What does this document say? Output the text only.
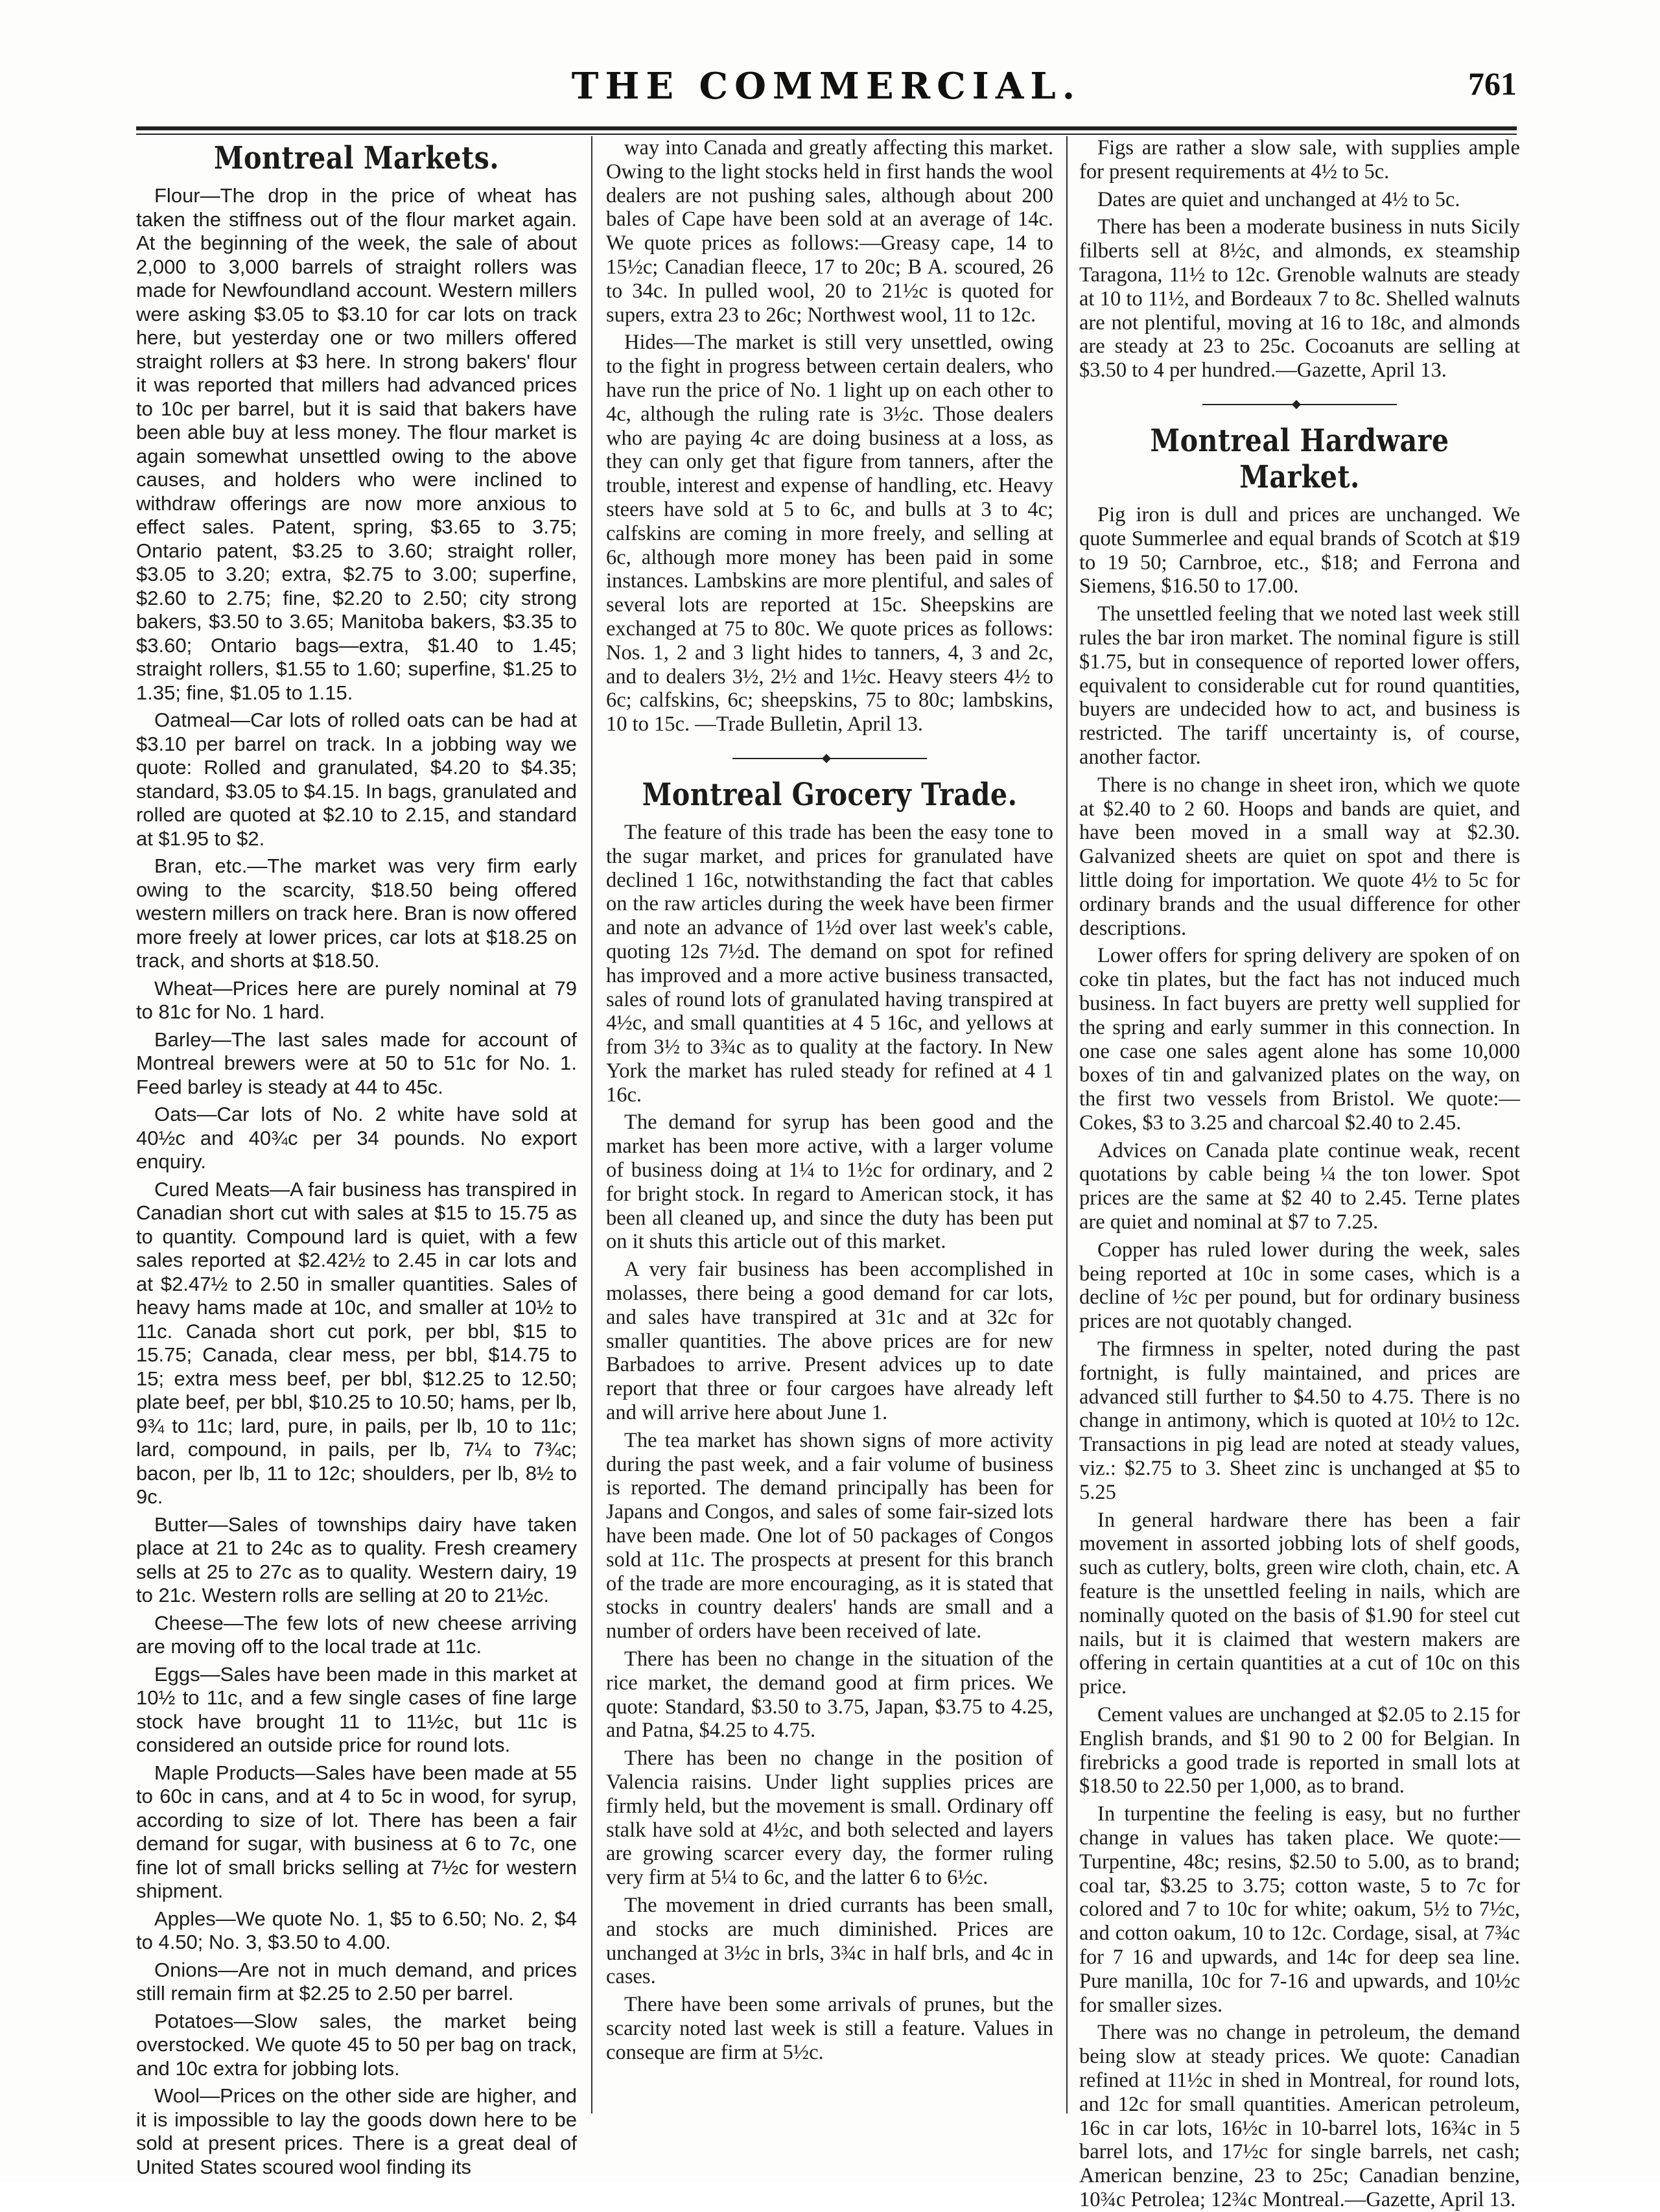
THE COMMERCIAL.	761
Montreal Markets.

Flour—The drop in the price of wheat has taken the stiffness out of the flour market again. At the beginning of the week, the sale of about 2,000 to 3,000 barrels of straight rollers was made for Newfoundland account. Western millers were asking $3.05 to $3.10 for car lots on track here, but yesterday one or two millers offered straight rollers at $3 here. In strong bakers' flour it was reported that millers had advanced prices to 10c per barrel, but it is said that bakers have been able buy at less money. The flour market is again somewhat unsettled owing to the above causes, and holders who were inclined to withdraw offerings are now more anxious to effect sales. Patent, spring, $3.65 to 3.75; Ontario patent, $3.25 to 3.60; straight roller, $3.05 to 3.20; extra, $2.75 to 3.00; superfine, $2.60 to 2.75; fine, $2.20 to 2.50; city strong bakers, $3.50 to 3.65; Manitoba bakers, $3.35 to $3.60; Ontario bags—extra, $1.40 to 1.45; straight rollers, $1.55 to 1.60; superfine, $1.25 to 1.35; fine, $1.05 to 1.15.

Oatmeal—Car lots of rolled oats can be had at $3.10 per barrel on track. In a jobbing way we quote: Rolled and granulated, $4.20 to $4.35; standard, $3.05 to $4.15. In bags, granulated and rolled are quoted at $2.10 to 2.15, and standard at $1.95 to $2.

Bran, etc.—The market was very firm early owing to the scarcity, $18.50 being offered western millers on track here. Bran is now offered more freely at lower prices, car lots at $18.25 on track, and shorts at $18.50.

Wheat—Prices here are purely nominal at 79 to 81c for No. 1 hard.

Barley—The last sales made for account of Montreal brewers were at 50 to 51c for No. 1. Feed barley is steady at 44 to 45c.

Oats—Car lots of No. 2 white have sold at 40½c and 40¾c per 34 pounds. No export enquiry.

Cured Meats—A fair business has transpired in Canadian short cut with sales at $15 to 15.75 as to quantity. Compound lard is quiet, with a few sales reported at $2.42½ to 2.45 in car lots and at $2.47½ to 2.50 in smaller quantities. Sales of heavy hams made at 10c, and smaller at 10½ to 11c. Canada short cut pork, per bbl, $15 to 15.75; Canada, clear mess, per bbl, $14.75 to 15; extra mess beef, per bbl, $12.25 to 12.50; plate beef, per bbl, $10.25 to 10.50; hams, per lb, 9¾ to 11c; lard, pure, in pails, per lb, 10 to 11c; lard, compound, in pails, per lb, 7¼ to 7¾c; bacon, per lb, 11 to 12c; shoulders, per lb, 8½ to 9c.

Butter—Sales of townships dairy have taken place at 21 to 24c as to quality. Fresh creamery sells at 25 to 27c as to quality. Western dairy, 19 to 21c. Western rolls are selling at 20 to 21½c.

Cheese—The few lots of new cheese arriving are moving off to the local trade at 11c.

Eggs—Sales have been made in this market at 10½ to 11c, and a few single cases of fine large stock have brought 11 to 11½c, but 11c is considered an outside price for round lots.

Maple Products—Sales have been made at 55 to 60c in cans, and at 4 to 5c in wood, for syrup, according to size of lot. There has been a fair demand for sugar, with business at 6 to 7c, one fine lot of small bricks selling at 7½c for western shipment.

Apples—We quote No. 1, $5 to 6.50; No. 2, $4 to 4.50; No. 3, $3.50 to 4.00.

Onions—Are not in much demand, and prices still remain firm at $2.25 to 2.50 per barrel.

Potatoes—Slow sales, the market being overstocked. We quote 45 to 50 per bag on track, and 10c extra for jobbing lots.

Wool—Prices on the other side are higher, and it is impossible to lay the goods down here to be sold at present prices. There is a great deal of United States scoured wool finding its

way into Canada and greatly affecting this market. Owing to the light stocks held in first hands the wool dealers are not pushing sales, although about 200 bales of Cape have been sold at an average of 14c. We quote prices as follows:—Greasy cape, 14 to 15½c; Canadian fleece, 17 to 20c; B A. scoured, 26 to 34c. In pulled wool, 20 to 21½c is quoted for supers, extra 23 to 26c; Northwest wool, 11 to 12c.

Hides—The market is still very unsettled, owing to the fight in progress between certain dealers, who have run the price of No. 1 light up on each other to 4c, although the ruling rate is 3½c. Those dealers who are paying 4c are doing business at a loss, as they can only get that figure from tanners, after the trouble, interest and expense of handling, etc. Heavy steers have sold at 5 to 6c, and bulls at 3 to 4c; calfskins are coming in more freely, and selling at 6c, although more money has been paid in some instances. Lambskins are more plentiful, and sales of several lots are reported at 15c. Sheepskins are exchanged at 75 to 80c. We quote prices as follows: Nos. 1, 2 and 3 light hides to tanners, 4, 3 and 2c, and to dealers 3½, 2½ and 1½c. Heavy steers 4½ to 6c; calfskins, 6c; sheepskins, 75 to 80c; lambskins, 10 to 15c. —Trade Bulletin, April 13.

Montreal Grocery Trade.

The feature of this trade has been the easy tone to the sugar market, and prices for granulated have declined 1 16c, notwithstanding the fact that cables on the raw articles during the week have been firmer and note an advance of 1½d over last week's cable, quoting 12s 7½d. The demand on spot for refined has improved and a more active business transacted, sales of round lots of granulated having transpired at 4½c, and small quantities at 4 5 16c, and yellows at from 3½ to 3¾c as to quality at the factory. In New York the market has ruled steady for refined at 4 1 16c.

The demand for syrup has been good and the market has been more active, with a larger volume of business doing at 1¼ to 1½c for ordinary, and 2 for bright stock. In regard to American stock, it has been all cleaned up, and since the duty has been put on it shuts this article out of this market.

A very fair business has been accomplished in molasses, there being a good demand for car lots, and sales have transpired at 31c and at 32c for smaller quantities. The above prices are for new Barbadoes to arrive. Present advices up to date report that three or four cargoes have already left and will arrive here about June 1.

The tea market has shown signs of more activity during the past week, and a fair volume of business is reported. The demand principally has been for Japans and Congos, and sales of some fair-sized lots have been made. One lot of 50 packages of Congos sold at 11c. The prospects at present for this branch of the trade are more encouraging, as it is stated that stocks in country dealers' hands are small and a number of orders have been received of late.

There has been no change in the situation of the rice market, the demand good at firm prices. We quote: Standard, $3.50 to 3.75, Japan, $3.75 to 4.25, and Patna, $4.25 to 4.75.

There has been no change in the position of Valencia raisins. Under light supplies prices are firmly held, but the movement is small. Ordinary off stalk have sold at 4½c, and both selected and layers are growing scarcer every day, the former ruling very firm at 5¼ to 6c, and the latter 6 to 6½c.

The movement in dried currants has been small, and stocks are much diminished. Prices are unchanged at 3½c in brls, 3¾c in half brls, and 4c in cases.

There have been some arrivals of prunes, but the scarcity noted last week is still a feature. Values in conseque are firm at 5½c.

Figs are rather a slow sale, with supplies ample for present requirements at 4½ to 5c.

Dates are quiet and unchanged at 4½ to 5c.

There has been a moderate business in nuts Sicily filberts sell at 8½c, and almonds, ex steamship Taragona, 11½ to 12c. Grenoble walnuts are steady at 10 to 11½, and Bordeaux 7 to 8c. Shelled walnuts are not plentiful, moving at 16 to 18c, and almonds are steady at 23 to 25c. Cocoanuts are selling at $3.50 to 4 per hundred.—Gazette, April 13.

Montreal Hardware Market.

Pig iron is dull and prices are unchanged. We quote Summerlee and equal brands of Scotch at $19 to 19 50; Carnbroe, etc., $18; and Ferrona and Siemens, $16.50 to 17.00.

The unsettled feeling that we noted last week still rules the bar iron market. The nominal figure is still $1.75, but in consequence of reported lower offers, equivalent to considerable cut for round quantities, buyers are undecided how to act, and business is restricted. The tariff uncertainty is, of course, another factor.

There is no change in sheet iron, which we quote at $2.40 to 2 60. Hoops and bands are quiet, and have been moved in a small way at $2.30. Galvanized sheets are quiet on spot and there is little doing for importation. We quote 4½ to 5c for ordinary brands and the usual difference for other descriptions.

Lower offers for spring delivery are spoken of on coke tin plates, but the fact has not induced much business. In fact buyers are pretty well supplied for the spring and early summer in this connection. In one case one sales agent alone has some 10,000 boxes of tin and galvanized plates on the way, on the first two vessels from Bristol. We quote:—Cokes, $3 to 3.25 and charcoal $2.40 to 2.45.

Advices on Canada plate continue weak, recent quotations by cable being ¼ the ton lower. Spot prices are the same at $2 40 to 2.45. Terne plates are quiet and nominal at $7 to 7.25.

Copper has ruled lower during the week, sales being reported at 10c in some cases, which is a decline of ½c per pound, but for ordinary business prices are not quotably changed.

The firmness in spelter, noted during the past fortnight, is fully maintained, and prices are advanced still further to $4.50 to 4.75. There is no change in antimony, which is quoted at 10½ to 12c. Transactions in pig lead are noted at steady values, viz.: $2.75 to 3. Sheet zinc is unchanged at $5 to 5.25

In general hardware there has been a fair movement in assorted jobbing lots of shelf goods, such as cutlery, bolts, green wire cloth, chain, etc. A feature is the unsettled feeling in nails, which are nominally quoted on the basis of $1.90 for steel cut nails, but it is claimed that western makers are offering in certain quantities at a cut of 10c on this price.

Cement values are unchanged at $2.05 to 2.15 for English brands, and $1 90 to 2 00 for Belgian. In firebricks a good trade is reported in small lots at $18.50 to 22.50 per 1,000, as to brand.

In turpentine the feeling is easy, but no further change in values has taken place. We quote:—Turpentine, 48c; resins, $2.50 to 5.00, as to brand; coal tar, $3.25 to 3.75; cotton waste, 5 to 7c for colored and 7 to 10c for white; oakum, 5½ to 7½c, and cotton oakum, 10 to 12c. Cordage, sisal, at 7¾c for 7 16 and upwards, and 14c for deep sea line. Pure manilla, 10c for 7-16 and upwards, and 10½c for smaller sizes.

There was no change in petroleum, the demand being slow at steady prices. We quote: Canadian refined at 11½c in shed in Montreal, for round lots, and 12c for small quantities. American petroleum, 16c in car lots, 16½c in 10-barrel lots, 16¾c in 5 barrel lots, and 17½c for single barrels, net cash; American benzine, 23 to 25c; Canadian benzine, 10¾c Petrolea; 12¾c Montreal.—Gazette, April 13.
